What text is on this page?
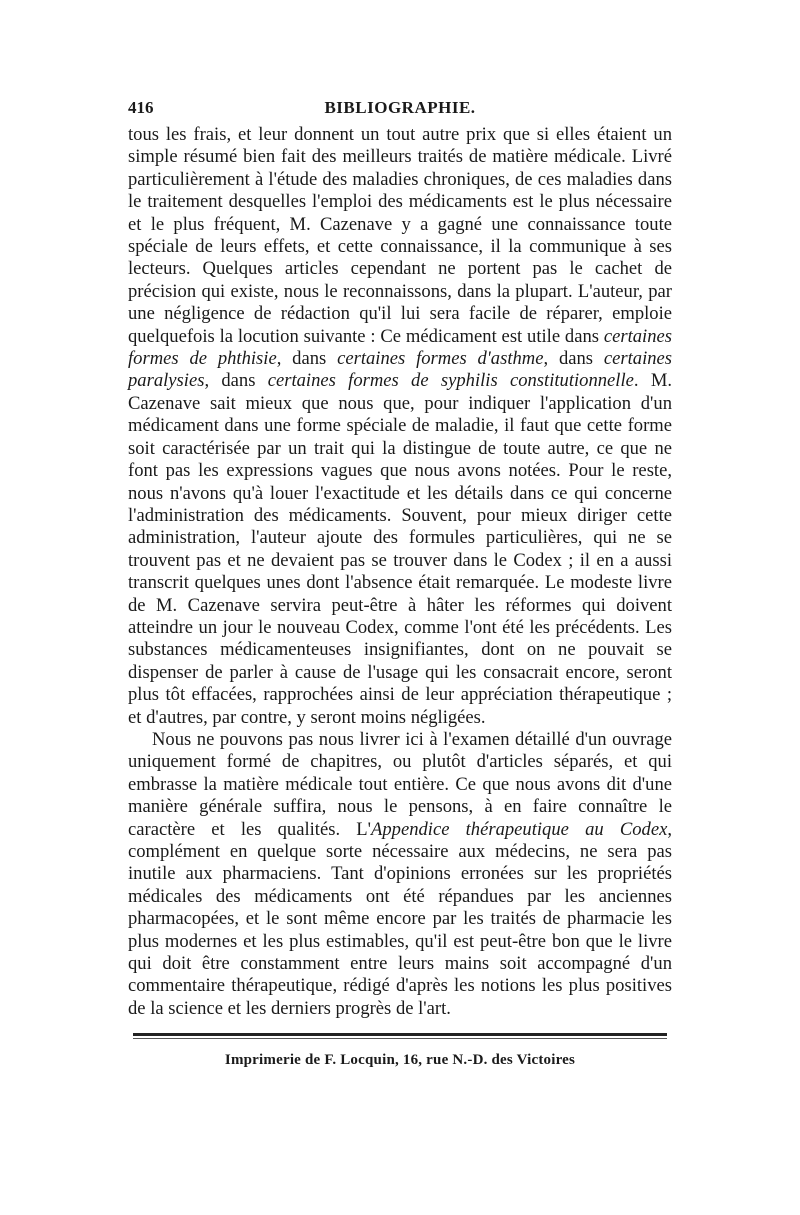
416	BIBLIOGRAPHIE.

tous les frais, et leur donnent un tout autre prix que si elles étaient un simple résumé bien fait des meilleurs traités de matière médicale. Livré particulièrement à l'étude des maladies chroniques, de ces maladies dans le traitement desquelles l'emploi des médicaments est le plus nécessaire et le plus fréquent, M. Cazenave y a gagné une connaissance toute spéciale de leurs effets, et cette connaissance, il la communique à ses lecteurs. Quelques articles cependant ne portent pas le cachet de précision qui existe, nous le reconnaissons, dans la plupart. L'auteur, par une négligence de rédaction qu'il lui sera facile de réparer, emploie quelquefois la locution suivante : Ce médicament est utile dans certaines formes de phthisie, dans certaines formes d'asthme, dans certaines paralysies, dans certaines formes de syphilis constitutionnelle. M. Cazenave sait mieux que nous que, pour indiquer l'application d'un médicament dans une forme spéciale de maladie, il faut que cette forme soit caractérisée par un trait qui la distingue de toute autre, ce que ne font pas les expressions vagues que nous avons notées. Pour le reste, nous n'avons qu'à louer l'exactitude et les détails dans ce qui concerne l'administration des médicaments. Souvent, pour mieux diriger cette administration, l'auteur ajoute des formules particulières, qui ne se trouvent pas et ne devaient pas se trouver dans le Codex ; il en a aussi transcrit quelques unes dont l'absence était remarquée. Le modeste livre de M. Cazenave servira peut-être à hâter les réformes qui doivent atteindre un jour le nouveau Codex, comme l'ont été les précédents. Les substances médicamenteuses insignifiantes, dont on ne pouvait se dispenser de parler à cause de l'usage qui les consacrait encore, seront plus tôt effacées, rapprochées ainsi de leur appréciation thérapeutique ; et d'autres, par contre, y seront moins négligées.

Nous ne pouvons pas nous livrer ici à l'examen détaillé d'un ouvrage uniquement formé de chapitres, ou plutôt d'articles séparés, et qui embrasse la matière médicale tout entière. Ce que nous avons dit d'une manière générale suffira, nous le pensons, à en faire connaître le caractère et les qualités. L'Appendice thérapeutique au Codex, complément en quelque sorte nécessaire aux médecins, ne sera pas inutile aux pharmaciens. Tant d'opinions erronées sur les propriétés médicales des médicaments ont été répandues par les anciennes pharmacopées, et le sont même encore par les traités de pharmacie les plus modernes et les plus estimables, qu'il est peut-être bon que le livre qui doit être constamment entre leurs mains soit accompagné d'un commentaire thérapeutique, rédigé d'après les notions les plus positives de la science et les derniers progrès de l'art.

Imprimerie de F. Locquin, 16, rue N.-D. des Victoires
